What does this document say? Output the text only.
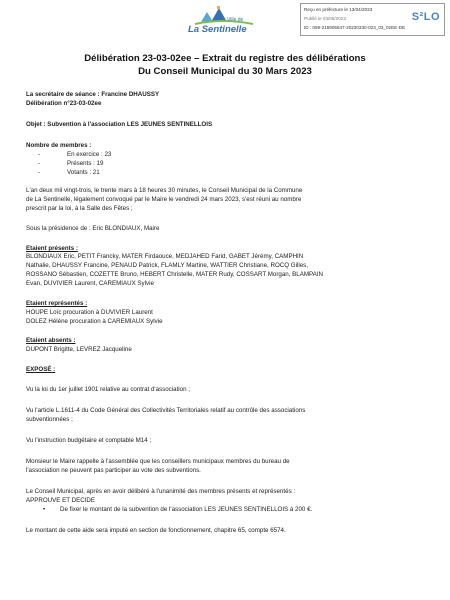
Ville de
La Sentinelle
Reçu en préfecture le 13/04/2023
Publié le 03/05/2023
ID : 059-215905647-20230330-023_03_02EE-DE
S²LO
Délibération 23-03-02ee – Extrait du registre des délibérations
Du Conseil Municipal du 30 Mars 2023
La secrétaire de séance : Francine DHAUSSY
Délibération n°23-03-02ee
Objet : Subvention à l'association LES JEUNES SENTINELLOIS
Nombre de membres :
-	En exercice : 23
-	Présents : 19
-	Votants : 21
L'an deux mil vingt-trois, le trente mars à 18 heures 30 minutes, le Conseil Municipal de la Commune
de La Sentinelle, légalement convoqué par le Maire le vendredi 24 mars 2023, s'est réuni au nombre
prescrit par la loi, à la Salle des Fêtes ;
Sous la présidence de : Eric BLONDIAUX, Maire
Etaient présents :
BLONDIAUX Eric, PETIT Francky, MATER Firdaouce, MEDJAHED Farid, GABET Jérémy, CAMPHIN
Nathalie, DHAUSSY Francine, PENAUD Patrick, FLAMLY Martine, WATTIER Christiane, ROCQ Gilles,
ROSSANO Sébastien, COZETTE Bruno, HEBERT Christelle, MATER Rudy, COSSART Morgan, BLAMPAIN
Evan, DUVIVIER Laurent, CAREMIAUX Sylvie
Etaient représentés :
HOUPE Loïc procuration à DUVIVIER Laurent
DOLEZ Hélène procuration à CAREMIAUX Sylvie
Etaient absents :
DUPONT Brigitte, LEVREZ Jacqueline
EXPOSÉ :
Vu la loi du 1er juillet 1901 relative au contrat d'association ;
Vu l'article L.1611-4 du Code Général des Collectivités Territoriales relatif au contrôle des associations
subventionnées ;
Vu l'instruction budgétaire et comptable M14 ;
Monsieur le Maire rappelle à l'assemblée que les conseillers municipaux membres du bureau de
l'association ne peuvent pas participer au vote des subventions.
Le Conseil Municipal, après en avoir délibéré à l'unanimité des membres présents et représentés :
APPROUVE ET DECIDE
• De fixer le montant de la subvention de l'association LES JEUNES SENTINELLOIS à 200 €.
Le montant de cette aide sera imputé en section de fonctionnement, chapitre 65, compte 6574.
